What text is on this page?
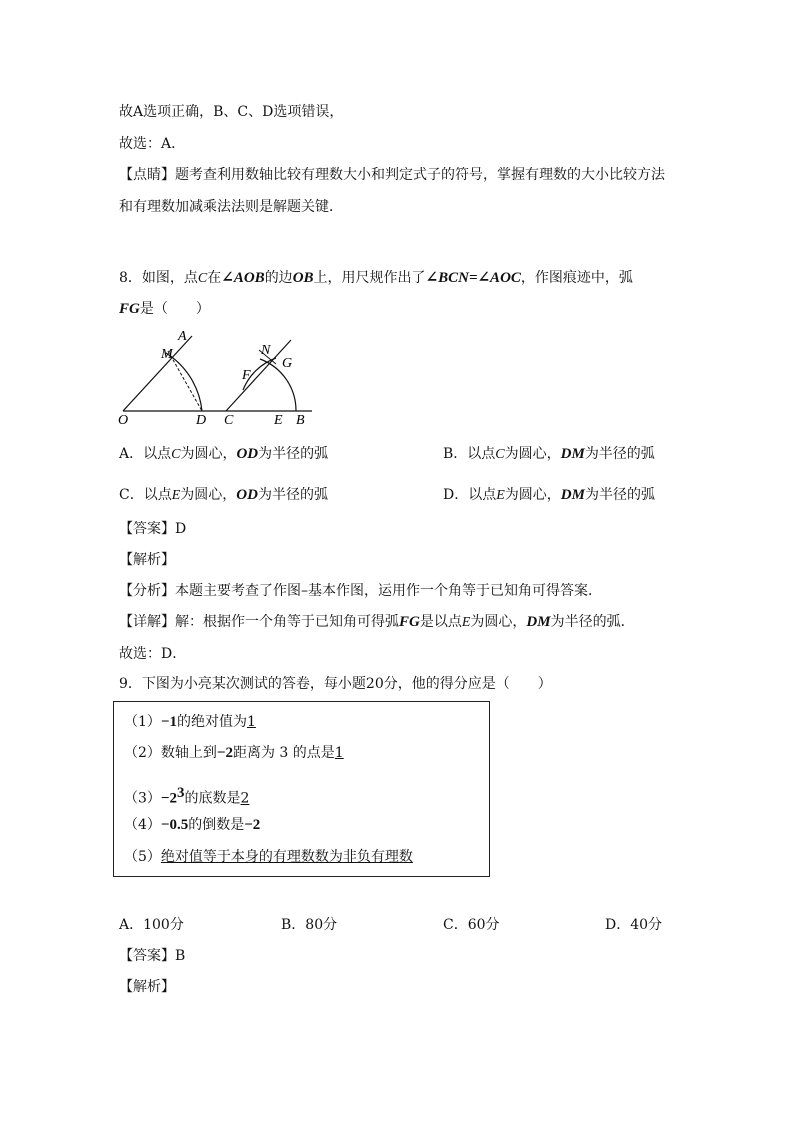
故A选项正确，B、C、D选项错误，
故选：A．
【点睛】题考查利用数轴比较有理数大小和判定式子的符号，掌握有理数的大小比较方法
和有理数加减乘法法则是解题关键．
8．如图，点C在∠AOB的边OB上，用尺规作出了∠BCN=∠AOC，作图痕迹中，弧
FG是（　　）
A
M	N
G
F
O	D C	E B
A．以点C为圆心，OD为半径的弧	B．以点C为圆心，DM为半径的弧
C．以点E为圆心，OD为半径的弧	D．以点E为圆心，DM为半径的弧
【答案】D
【解析】
【分析】本题主要考查了作图–基本作图，运用作一个角等于已知角可得答案．
【详解】解：根据作一个角等于已知角可得弧FG是以点E为圆心，DM为半径的弧．
故选：D．
9．下图为小亮某次测试的答卷，每小题20分，他的得分应是（　　）
（1）−1的绝对值为1
（2）数轴上到−2距离为 3 的点是1
$(3)-2^3$的底数是2
（4）−0.5的倒数是−2
（5）绝对值等于本身的有理数数为非负有理数
A．100分	B．80分	C．60分	D．40分
【答案】B
【解析】
